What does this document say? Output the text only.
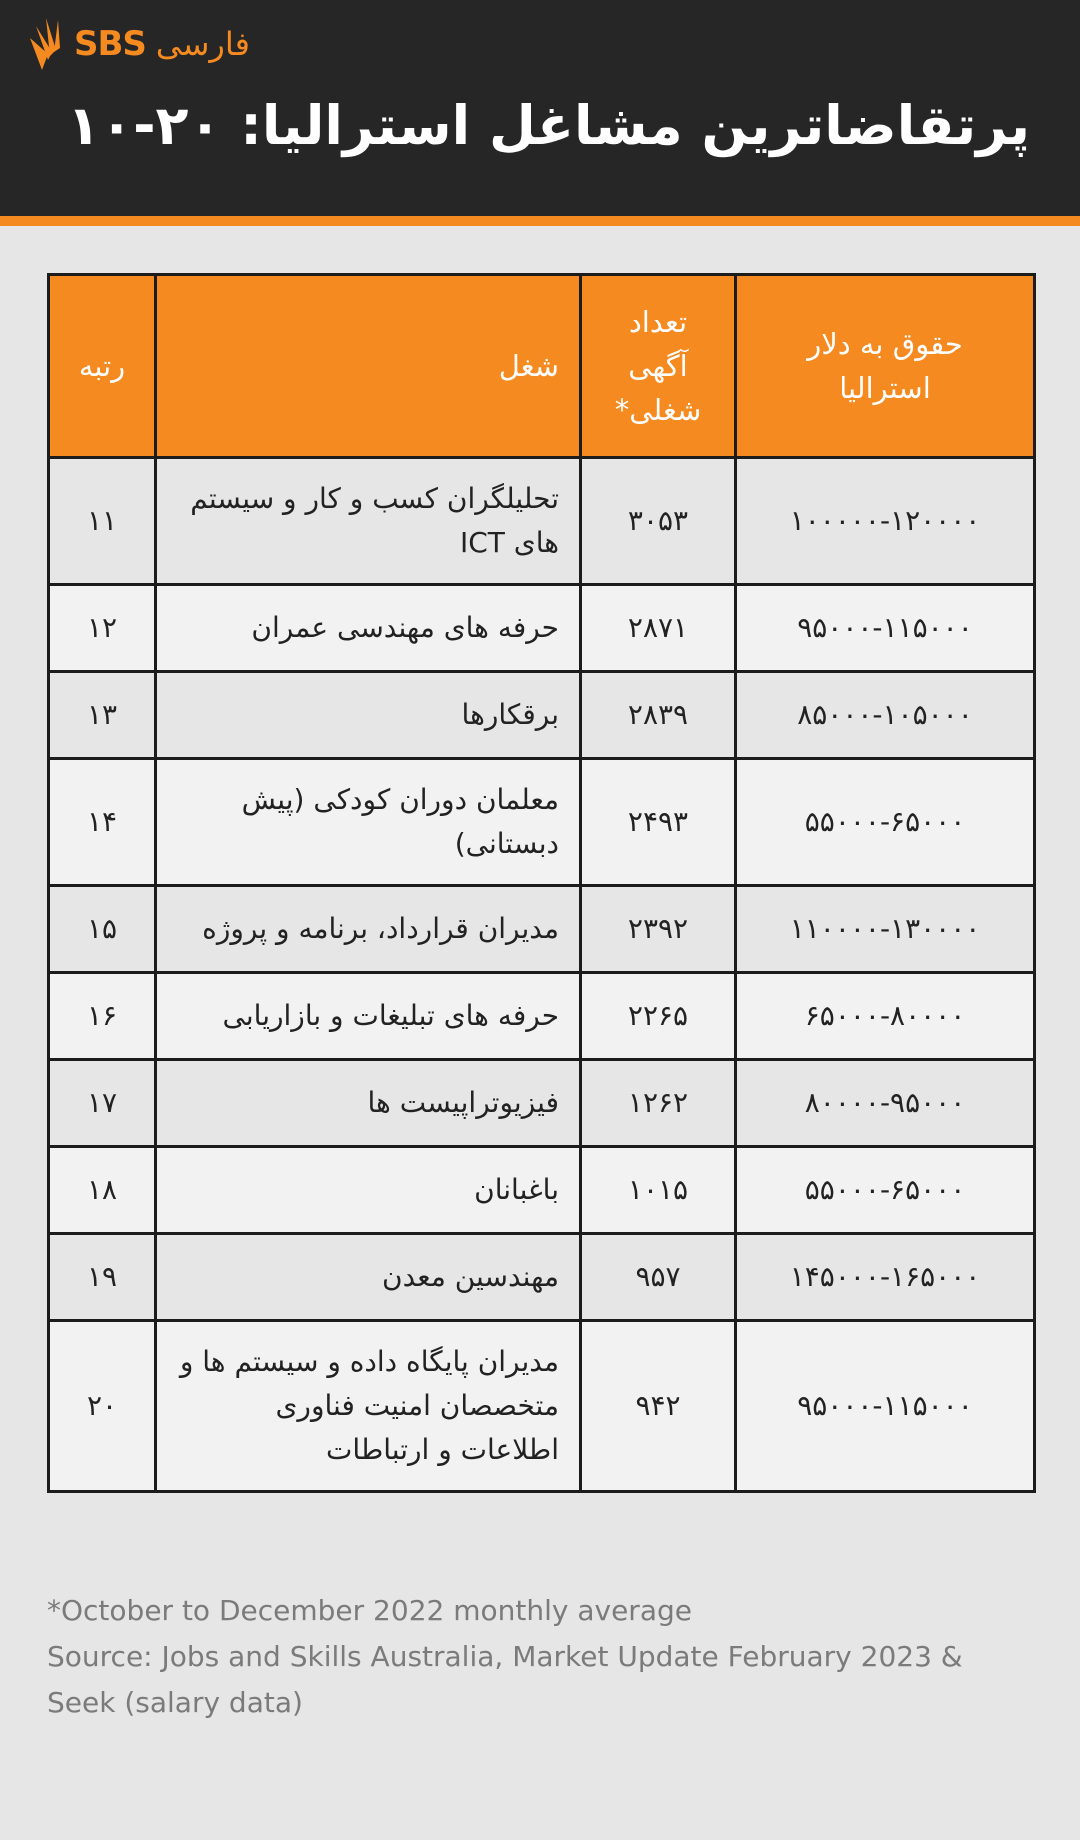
SBS فارسی
پرتقاضاترین مشاغل استرالیا: ۲۰-۱۰
رتبه	شغل	تعداد آگهی شغلی*	حقوق به دلار استرالیا
۱۱	تحلیلگران کسب و کار و سیستم های ICT	۳۰۵۳	۱۰۰۰۰۰-۱۲۰۰۰۰
۱۲	حرفه های مهندسی عمران	۲۸۷۱	۹۵۰۰۰-۱۱۵۰۰۰
۱۳	برقکارها	۲۸۳۹	۸۵۰۰۰-۱۰۵۰۰۰
۱۴	معلمان دوران کودکی (پیش دبستانی)	۲۴۹۳	۵۵۰۰۰-۶۵۰۰۰
۱۵	مدیران قرارداد، برنامه و پروژه	۲۳۹۲	۱۱۰۰۰۰-۱۳۰۰۰۰
۱۶	حرفه های تبلیغات و بازاریابی	۲۲۶۵	۶۵۰۰۰-۸۰۰۰۰
۱۷	فیزیوتراپیست ها	۱۲۶۲	۸۰۰۰۰-۹۵۰۰۰
۱۸	باغبانان	۱۰۱۵	۵۵۰۰۰-۶۵۰۰۰
۱۹	مهندسین معدن	۹۵۷	۱۴۵۰۰۰-۱۶۵۰۰۰
۲۰	مدیران پایگاه داده و سیستم ها و متخصصان امنیت فناوری اطلاعات و ارتباطات	۹۴۲	۹۵۰۰۰-۱۱۵۰۰۰
*October to December 2022 monthly average
Source: Jobs and Skills Australia, Market Update February 2023 & Seek (salary data)
